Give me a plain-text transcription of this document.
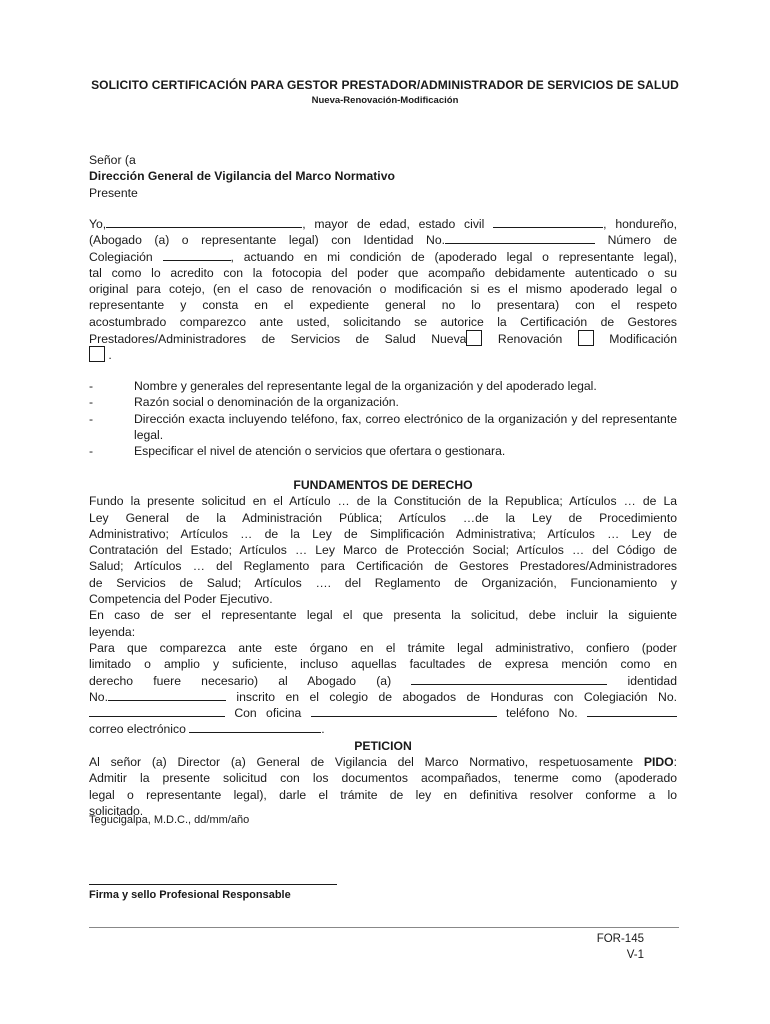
SOLICITO CERTIFICACIÓN PARA GESTOR PRESTADOR/ADMINISTRADOR DE SERVICIOS DE SALUD
Nueva-Renovación-Modificación
Señor (a
Dirección General de Vigilancia del Marco Normativo
Presente
Yo,	, mayor de edad, estado civil	, hondureño,
(Abogado (a) o representante legal) con Identidad No.	Número de
Colegiación	, actuando en mi condición de (apoderado legal o representante legal),
tal como lo acredito con la fotocopia del poder que acompaño debidamente autenticado o su
original para cotejo, (en el caso de renovación o modificación si es el mismo apoderado legal o
representante y consta en el expediente general no lo presentara) con el respeto
acostumbrado comparezco ante usted, solicitando se autorice la Certificación de Gestores
Prestadores/Administradores de Servicios de Salud Nueva	Renovación	Modificación
.
-	Nombre y generales del representante legal de la organización y del apoderado legal.
-	Razón social o denominación de la organización.
-	Dirección exacta incluyendo teléfono, fax, correo electrónico de la organización y del representante legal.
-	Especificar el nivel de atención o servicios que ofertara o gestionara.
FUNDAMENTOS DE DERECHO
Fundo la presente solicitud en el Artículo … de la Constitución de la Republica; Artículos … de La
Ley General de la Administración Pública; Artículos …de la Ley de Procedimiento
Administrativo; Artículos … de la Ley de Simplificación Administrativa; Artículos … Ley de
Contratación del Estado; Artículos … Ley Marco de Protección Social; Artículos … del Código de
Salud; Artículos … del Reglamento para Certificación de Gestores Prestadores/Administradores
de Servicios de Salud; Artículos …. del Reglamento de Organización, Funcionamiento y
Competencia del Poder Ejecutivo.
En caso de ser el representante legal el que presenta la solicitud, debe incluir la siguiente
leyenda:
Para que comparezca ante este órgano en el trámite legal administrativo, confiero (poder
limitado o amplio y suficiente, incluso aquellas facultades de expresa mención como en
derecho fuere necesario) al Abogado (a)	identidad
No.	inscrito en el colegio de abogados de Honduras con Colegiación No.
Con oficina	teléfono No.
correo electrónico	.
PETICION
Al señor (a) Director (a) General de Vigilancia del Marco Normativo, respetuosamente PIDO:
Admitir la presente solicitud con los documentos acompañados, tenerme como (apoderado
legal o representante legal), darle el trámite de ley en definitiva resolver conforme a lo
solicitado.
Tegucigalpa, M.D.C., dd/mm/año
Firma y sello Profesional Responsable
FOR-145
V-1
